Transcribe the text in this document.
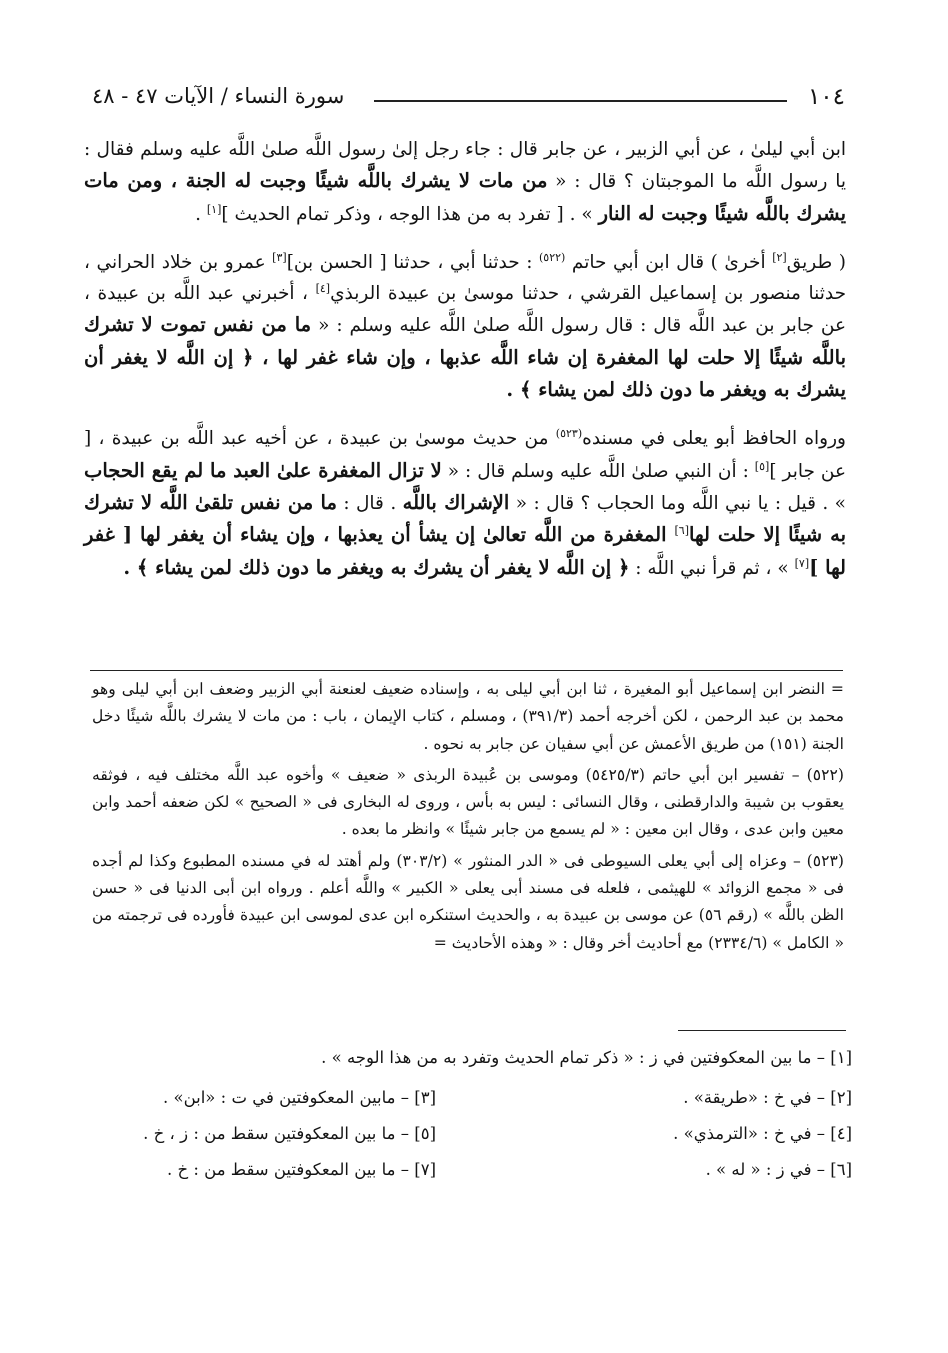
١٠٤
سورة النساء / الآيات ٤٧ - ٤٨

ابن أبي ليلىٰ ، عن أبي الزبير ، عن جابر قال : جاء رجل إلىٰ رسول اللَّه صلىٰ اللَّه عليه وسلم فقال : يا رسول اللَّه ما الموجبتان ؟ قال : « من مات لا يشرك باللَّه شيئًا وجبت له الجنة ، ومن مات يشرك باللَّه شيئًا وجبت له النار » . [ تفرد به من هذا الوجه ، وذكر تمام الحديث ][١] .

( طريق[٢] أخرىٰ ) قال ابن أبي حاتم $^{(٥٢٢)}$ : حدثنا أبي ، حدثنا [ الحسن بن][٣] عمرو بن خلاد الحراني ، حدثنا منصور بن إسماعيل القرشي ، حدثنا موسىٰ بن عبيدة الربذي[٤] ، أخبرني عبد اللَّه بن عبيدة ، عن جابر بن عبد اللَّه قال : قال رسول اللَّه صلىٰ اللَّه عليه وسلم : « ما من نفس تموت لا تشرك باللَّه شيئًا إلا حلت لها المغفرة إن شاء اللَّه عذبها ، وإن شاء غفر لها ، ﴿ إن اللَّه لا يغفر أن يشرك به ويغفر ما دون ذلك لمن يشاء ﴾ .

ورواه الحافظ أبو يعلى في مسنده$^{(٥٢٣)}$ من حديث موسىٰ بن عبيدة ، عن أخيه عبد اللَّه بن عبيدة ، [ عن جابر ][٥] : أن النبي صلىٰ اللَّه عليه وسلم قال : « لا تزال المغفرة علىٰ العبد ما لم يقع الحجاب » . قيل : يا نبي اللَّه وما الحجاب ؟ قال : « الإشراك باللَّه . قال : ما من نفس تلقىٰ اللَّه لا تشرك به شيئًا إلا حلت لها[٦] المغفرة من اللَّه تعالىٰ إن يشأ أن يعذبها ، وإن يشاء أن يغفر لها [ غفر لها ][٧] » ، ثم قرأ نبي اللَّه : ﴿ إن اللَّه لا يغفر أن يشرك به ويغفر ما دون ذلك لمن يشاء ﴾ .

= النضر ابن إسماعيل أبو المغيرة ، ثنا ابن أبي ليلى به ، وإسناده ضعيف لعنعنة أبي الزبير وضعف ابن أبي ليلى وهو محمد بن عبد الرحمن ، لكن أخرجه أحمد (٣٩١/٣) ، ومسلم ، كتاب الإيمان ، باب : من مات لا يشرك باللَّه شيئًا دخل الجنة (١٥١) من طريق الأعمش عن أبي سفيان عن جابر به نحوه .

(٥٢٢) – تفسير ابن أبي حاتم (٥٤٢٥/٣) وموسى بن عُبيدة الربذى « ضعيف » وأخوه عبد اللَّه مختلف فيه ، فوثقه يعقوب بن شيبة والدارقطنى ، وقال النسائى : ليس به بأس ، وروى له البخارى فى « الصحيح » لكن ضعفه أحمد وابن معين وابن عدى ، وقال ابن معين : « لم يسمع من جابر شيئًا » وانظر ما بعده .

(٥٢٣) – وعزاه إلى أبي يعلى السيوطى فى « الدر المنثور » (٣٠٣/٢) ولم أهتد له في مسنده المطبوع وكذا لم أجده فى « مجمع الزوائد » للهيثمى ، فلعله فى مسند أبى يعلى « الكبير » واللَّه أعلم . ورواه ابن أبى الدنيا فى « حسن الظن باللَّه » (رقم ٥٦) عن موسى بن عبيدة به ، والحديث استنكره ابن عدى لموسى ابن عبيدة فأورده فى ترجمته من « الكامل » (٢٣٣٤/٦) مع أحاديث أخر وقال : « وهذه الأحاديث =

[١] – ما بين المعكوفتين في ز : « ذكر تمام الحديث وتفرد به من هذا الوجه » .
[٢] – في خ : «طريقة» .
[٣] – مابين المعكوفتين في ت : «ابن» .
[٤] – في خ : «الترمذي» .
[٥] – ما بين المعكوفتين سقط من : ز ، خ .
[٦] – في ز : « له » .
[٧] – ما بين المعكوفتين سقط من : خ .
